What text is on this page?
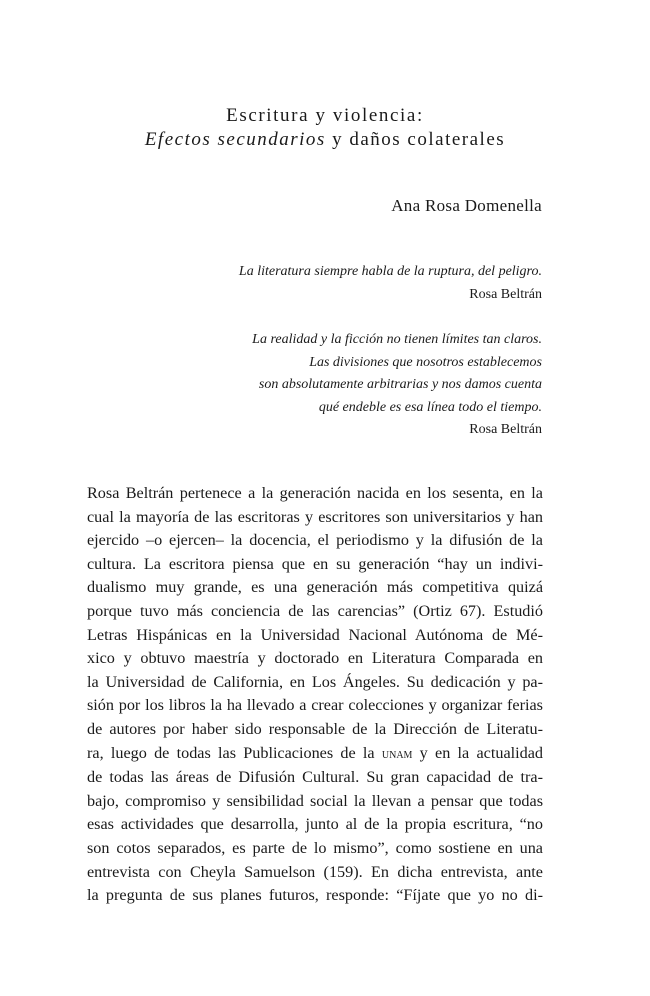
Escritura y violencia:

Efectos secundarios y daños colaterales

Ana Rosa Domenella
La literatura siempre habla de la ruptura, del peligro.
Rosa Beltrán
La realidad y la ficción no tienen límites tan claros.
Las divisiones que nosotros establecemos
son absolutamente arbitrarias y nos damos cuenta
qué endeble es esa línea todo el tiempo.
Rosa Beltrán
Rosa Beltrán pertenece a la generación nacida en los sesenta, en la
cual la mayoría de las escritoras y escritores son universitarios y han
ejercido –o ejercen– la docencia, el periodismo y la difusión de la
cultura. La escritora piensa que en su generación “hay un indivi-
dualismo muy grande, es una generación más competitiva quizá
porque tuvo más conciencia de las carencias” (Ortiz 67). Estudió
Letras Hispánicas en la Universidad Nacional Autónoma de Mé-
xico y obtuvo maestría y doctorado en Literatura Comparada en
la Universidad de California, en Los Ángeles. Su dedicación y pa-
sión por los libros la ha llevado a crear colecciones y organizar ferias
de autores por haber sido responsable de la Dirección de Literatu-
ra, luego de todas las Publicaciones de la unam y en la actualidad
de todas las áreas de Difusión Cultural. Su gran capacidad de tra-
bajo, compromiso y sensibilidad social la llevan a pensar que todas
esas actividades que desarrolla, junto al de la propia escritura, “no
son cotos separados, es parte de lo mismo”, como sostiene en una
entrevista con Cheyla Samuelson (159). En dicha entrevista, ante
la pregunta de sus planes futuros, responde: “Fíjate que yo no di-
